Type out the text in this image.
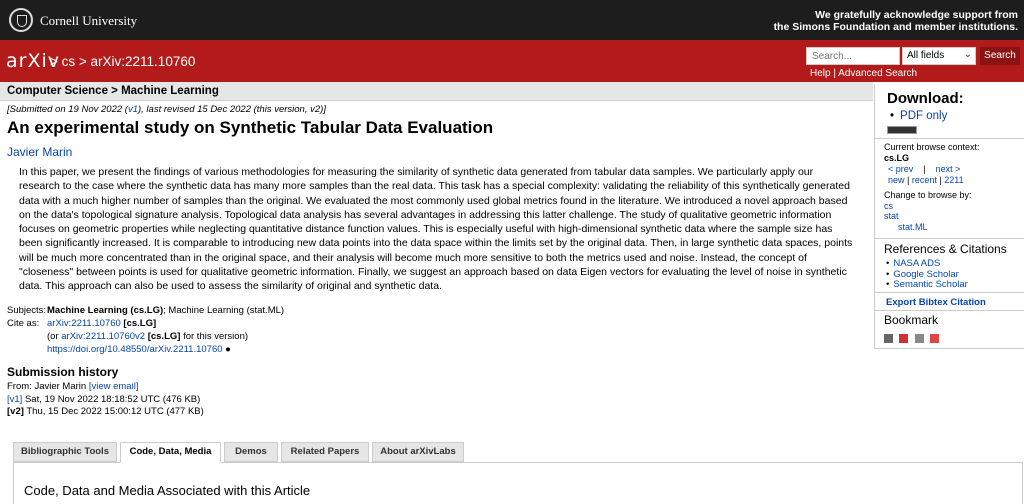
Cornell University	We gratefully acknowledge support from
the Simons Foundation and member institutions.
arXiv
> cs > arXiv:2211.10760
Search...	All fields ⌄	Search
Help | Advanced Search
Computer Science > Machine Learning
[Submitted on 19 Nov 2022 (v1), last revised 15 Dec 2022 (this version, v2)]
An experimental study on Synthetic Tabular Data Evaluation
Javier Marin
In this paper, we present the findings of various methodologies for measuring the similarity of synthetic data generated from tabular data samples. We particularly apply our research to the case where the synthetic data has many more samples than the real data. This task has a special complexity: validating the reliability of this synthetically generated data with a much higher number of samples than the original. We evaluated the most commonly used global metrics found in the literature. We introduced a novel approach based on the data's topological signature analysis. Topological data analysis has several advantages in addressing this latter challenge. The study of qualitative geometric information focuses on geometric properties while neglecting quantitative distance function values. This is especially useful with high-dimensional synthetic data where the sample size has been significantly increased. It is comparable to introducing new data points into the data space within the limits set by the original data. Then, in large synthetic data spaces, points will be much more concentrated than in the original space, and their analysis will become much more sensitive to both the metrics used and noise. Instead, the concept of "closeness" between points is used for qualitative geometric information. Finally, we suggest an approach based on data Eigen vectors for evaluating the level of noise in synthetic data. This approach can also be used to assess the similarity of original and synthetic data.
Subjects:Machine Learning (cs.LG); Machine Learning (stat.ML)
Cite as: arXiv:2211.10760 [cs.LG]
(or arXiv:2211.10760v2 [cs.LG] for this version)
https://doi.org/10.48550/arXiv.2211.10760 ●
Submission history
From: Javier Marin [view email]
[v1] Sat, 19 Nov 2022 18:18:52 UTC (476 KB)
[v2] Thu, 15 Dec 2022 15:00:12 UTC (477 KB)
Bibliographic Tools	Code, Data, Media	Demos	Related Papers	About arXivLabs
Code, Data and Media Associated with this Article
Download:
• PDF only
Current browse context:
cs.LG
< prev | next >
new | recent | 2211
Change to browse by:
cs
stat
stat.ML
References & Citations
• NASA ADS
• Google Scholar
• Semantic Scholar
Export Bibtex Citation
Bookmark
